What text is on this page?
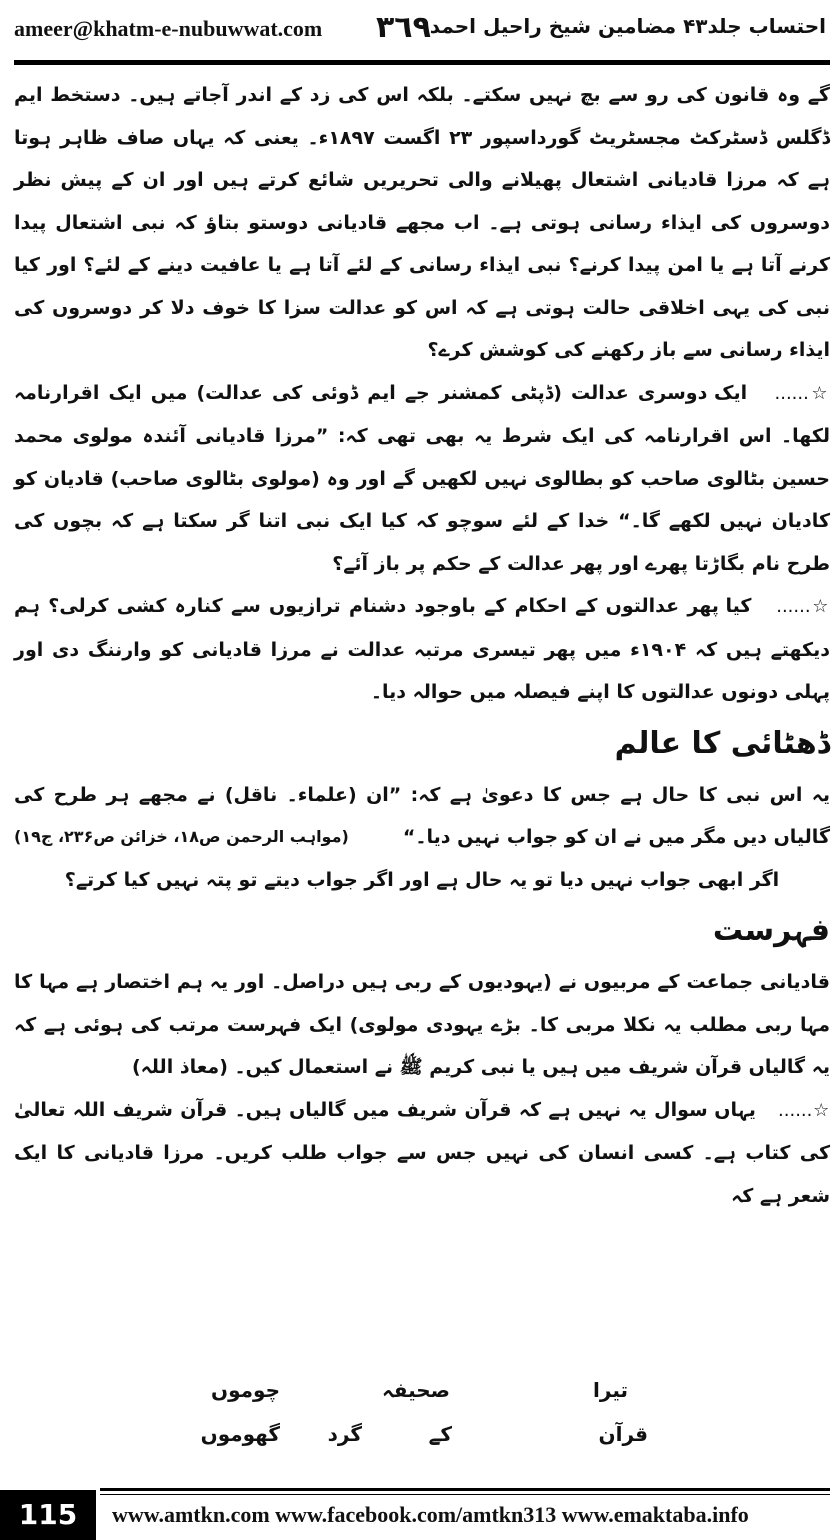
ameer@khatm-e-nubuwwat.com ٣٦٩
احتساب جلد۴۳ مضامین شیخ راحیل احمد

گے وہ قانون کی رو سے بچ نہیں سکتے۔ بلکہ اس کی زد کے اندر آجاتے ہیں۔ دستخط ایم ڈگلس ڈسٹرکٹ مجسٹریٹ گورداسپور ۲۳ اگست ۱۸۹۷ء۔ یعنی کہ یہاں صاف ظاہر ہوتا ہے کہ مرزا قادیانی اشتعال پھیلانے والی تحریریں شائع کرتے ہیں اور ان کے پیش نظر دوسروں کی ایذاء رسانی ہوتی ہے۔ اب مجھے قادیانی دوستو بتاؤ کہ نبی اشتعال پیدا کرنے آتا ہے یا امن پیدا کرنے؟ نبی ایذاء رسانی کے لئے آتا ہے یا عافیت دینے کے لئے؟ اور کیا نبی کی یہی اخلاقی حالت ہوتی ہے کہ اس کو عدالت سزا کا خوف دلا کر دوسروں کی ایذاء رسانی سے باز رکھنے کی کوشش کرے؟

☆......   ایک دوسری عدالت (ڈپٹی کمشنر جے ایم ڈوئی کی عدالت) میں ایک اقرارنامہ لکھا۔ اس اقرارنامہ کی ایک شرط یہ بھی تھی کہ: ”مرزا قادیانی آئندہ مولوی محمد حسین بٹالوی صاحب کو بطالوی نہیں لکھیں گے اور وہ (مولوی بٹالوی صاحب) قادیان کو کادیان نہیں لکھے گا۔“ خدا کے لئے سوچو کہ کیا ایک نبی اتنا گر سکتا ہے کہ بچوں کی طرح نام بگاڑتا پھرے اور پھر عدالت کے حکم پر باز آئے؟

☆......   کیا پھر عدالتوں کے احکام کے باوجود دشنام ترازیوں سے کنارہ کشی کرلی؟ ہم دیکھتے ہیں کہ ۱۹۰۴ء میں پھر تیسری مرتبہ عدالت نے مرزا قادیانی کو وارننگ دی اور پہلی دونوں عدالتوں کا اپنے فیصلہ میں حوالہ دیا۔

ڈھٹائی کا عالم

یہ اس نبی کا حال ہے جس کا دعویٰ ہے کہ: ”ان (علماء۔ ناقل) نے مجھے ہر طرح کی گالیاں دیں مگر میں نے ان کو جواب نہیں دیا۔“
(مواہب الرحمن ص۱۸، خزائن ص۲۳۶، ج۱۹)

اگر ابھی جواب نہیں دیا تو یہ حال ہے اور اگر جواب دیتے تو پتہ نہیں کیا کرتے؟

فہرست

قادیانی جماعت کے مربیوں نے (یہودیوں کے ربی ہیں دراصل۔ اور یہ ہم اختصار ہے مہا کا مہا ربی مطلب یہ نکلا مربی کا۔ بڑے یہودی مولوی) ایک فہرست مرتب کی ہوئی ہے کہ یہ گالیاں قرآن شریف میں ہیں یا نبی کریم ﷺ نے استعمال کیں۔ (معاذ اللہ)

☆......   یہاں سوال یہ نہیں ہے کہ قرآن شریف میں گالیاں ہیں۔ قرآن شریف اللہ تعالیٰ کی کتاب ہے۔ کسی انسان کی نہیں جس سے جواب طلب کریں۔ مرزا قادیانی کا ایک شعر ہے کہ

تیرا
صحیفہ
چوموں
قرآن
کے
گرد
گھوموں
115	www.amtkn.com www.facebook.com/amtkn313 www.emaktaba.info
